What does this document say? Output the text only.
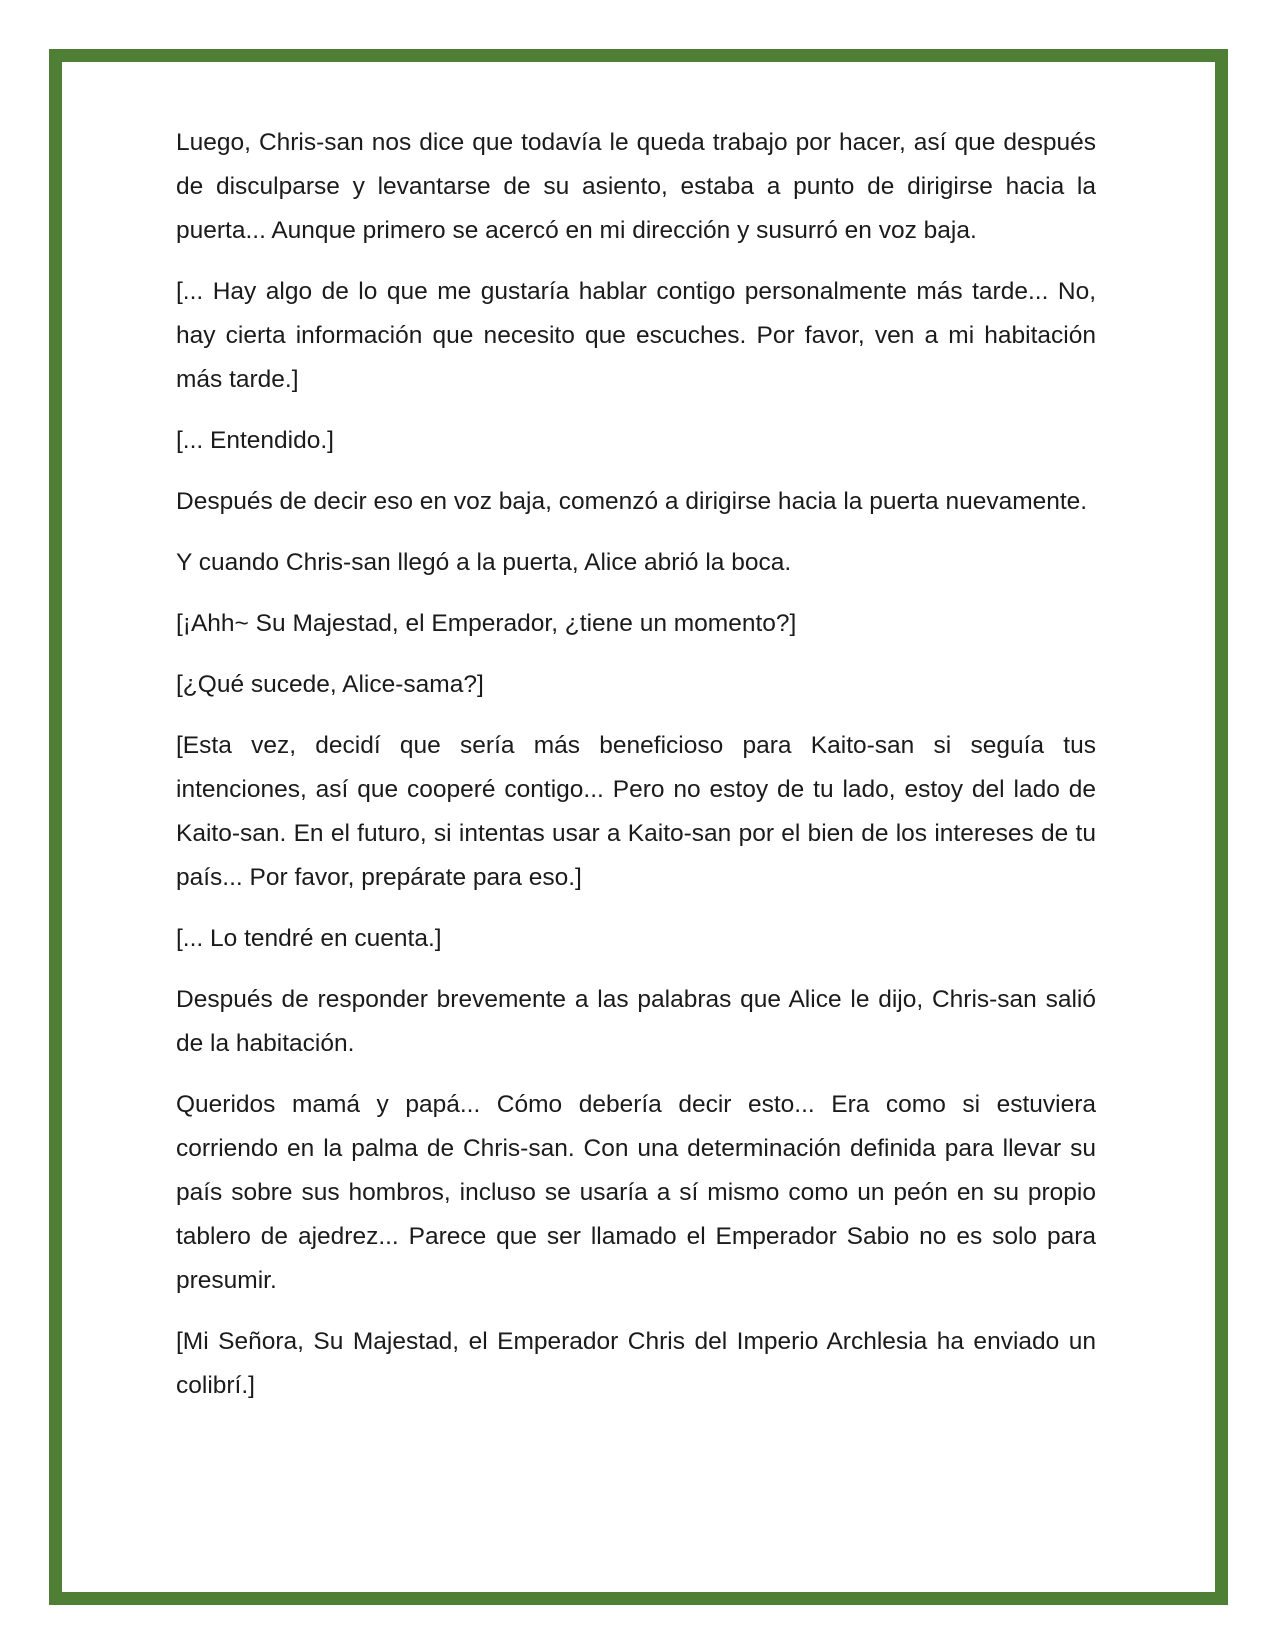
Luego, Chris-san nos dice que todavía le queda trabajo por hacer, así que después de disculparse y levantarse de su asiento, estaba a punto de dirigirse hacia la puerta... Aunque primero se acercó en mi dirección y susurró en voz baja.

[... Hay algo de lo que me gustaría hablar contigo personalmente más tarde... No, hay cierta información que necesito que escuches. Por favor, ven a mi habitación más tarde.]

[... Entendido.]

Después de decir eso en voz baja, comenzó a dirigirse hacia la puerta nuevamente.

Y cuando Chris-san llegó a la puerta, Alice abrió la boca.

[¡Ahh~ Su Majestad, el Emperador, ¿tiene un momento?]

[¿Qué sucede, Alice-sama?]

[Esta vez, decidí que sería más beneficioso para Kaito-san si seguía tus intenciones, así que cooperé contigo... Pero no estoy de tu lado, estoy del lado de Kaito-san. En el futuro, si intentas usar a Kaito-san por el bien de los intereses de tu país... Por favor, prepárate para eso.]

[... Lo tendré en cuenta.]

Después de responder brevemente a las palabras que Alice le dijo, Chris-san salió de la habitación.

Queridos mamá y papá... Cómo debería decir esto... Era como si estuviera corriendo en la palma de Chris-san. Con una determinación definida para llevar su país sobre sus hombros, incluso se usaría a sí mismo como un peón en su propio tablero de ajedrez... Parece que ser llamado el Emperador Sabio no es solo para presumir.

[Mi Señora, Su Majestad, el Emperador Chris del Imperio Archlesia ha enviado un colibrí.]
